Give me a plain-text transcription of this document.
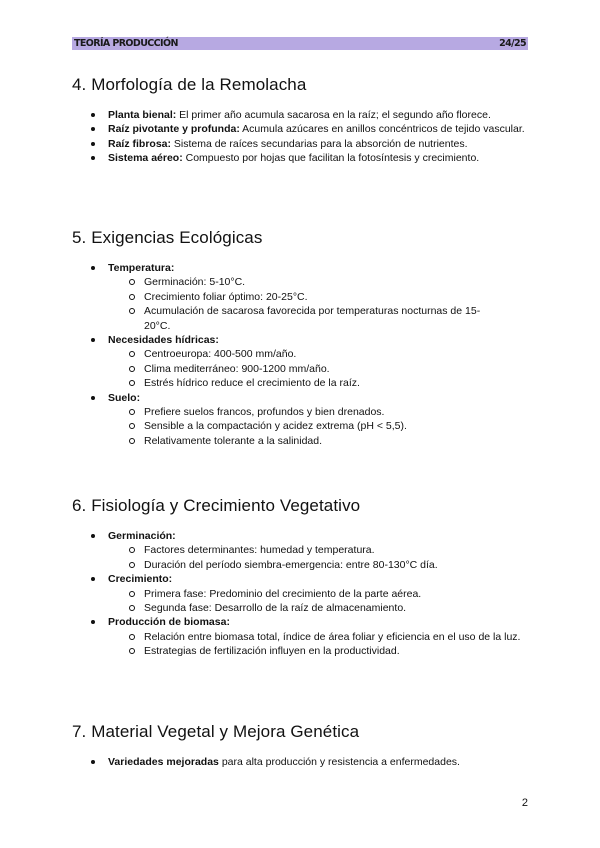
TEORÍA PRODUCCIÓN	24/25
4. Morfología de la Remolacha
Planta bienal: El primer año acumula sacarosa en la raíz; el segundo año florece.
Raíz pivotante y profunda: Acumula azúcares en anillos concéntricos de tejido vascular.
Raíz fibrosa: Sistema de raíces secundarias para la absorción de nutrientes.
Sistema aéreo: Compuesto por hojas que facilitan la fotosíntesis y crecimiento.
5. Exigencias Ecológicas
Temperatura:
Germinación: 5-10°C.
Crecimiento foliar óptimo: 20-25°C.
Acumulación de sacarosa favorecida por temperaturas nocturnas de 15-20°C.
Necesidades hídricas:
Centroeuropa: 400-500 mm/año.
Clima mediterráneo: 900-1200 mm/año.
Estrés hídrico reduce el crecimiento de la raíz.
Suelo:
Prefiere suelos francos, profundos y bien drenados.
Sensible a la compactación y acidez extrema (pH < 5,5).
Relativamente tolerante a la salinidad.
6. Fisiología y Crecimiento Vegetativo
Germinación:
Factores determinantes: humedad y temperatura.
Duración del período siembra-emergencia: entre 80-130°C día.
Crecimiento:
Primera fase: Predominio del crecimiento de la parte aérea.
Segunda fase: Desarrollo de la raíz de almacenamiento.
Producción de biomasa:
Relación entre biomasa total, índice de área foliar y eficiencia en el uso de la luz.
Estrategias de fertilización influyen en la productividad.
7. Material Vegetal y Mejora Genética
Variedades mejoradas para alta producción y resistencia a enfermedades.
2
